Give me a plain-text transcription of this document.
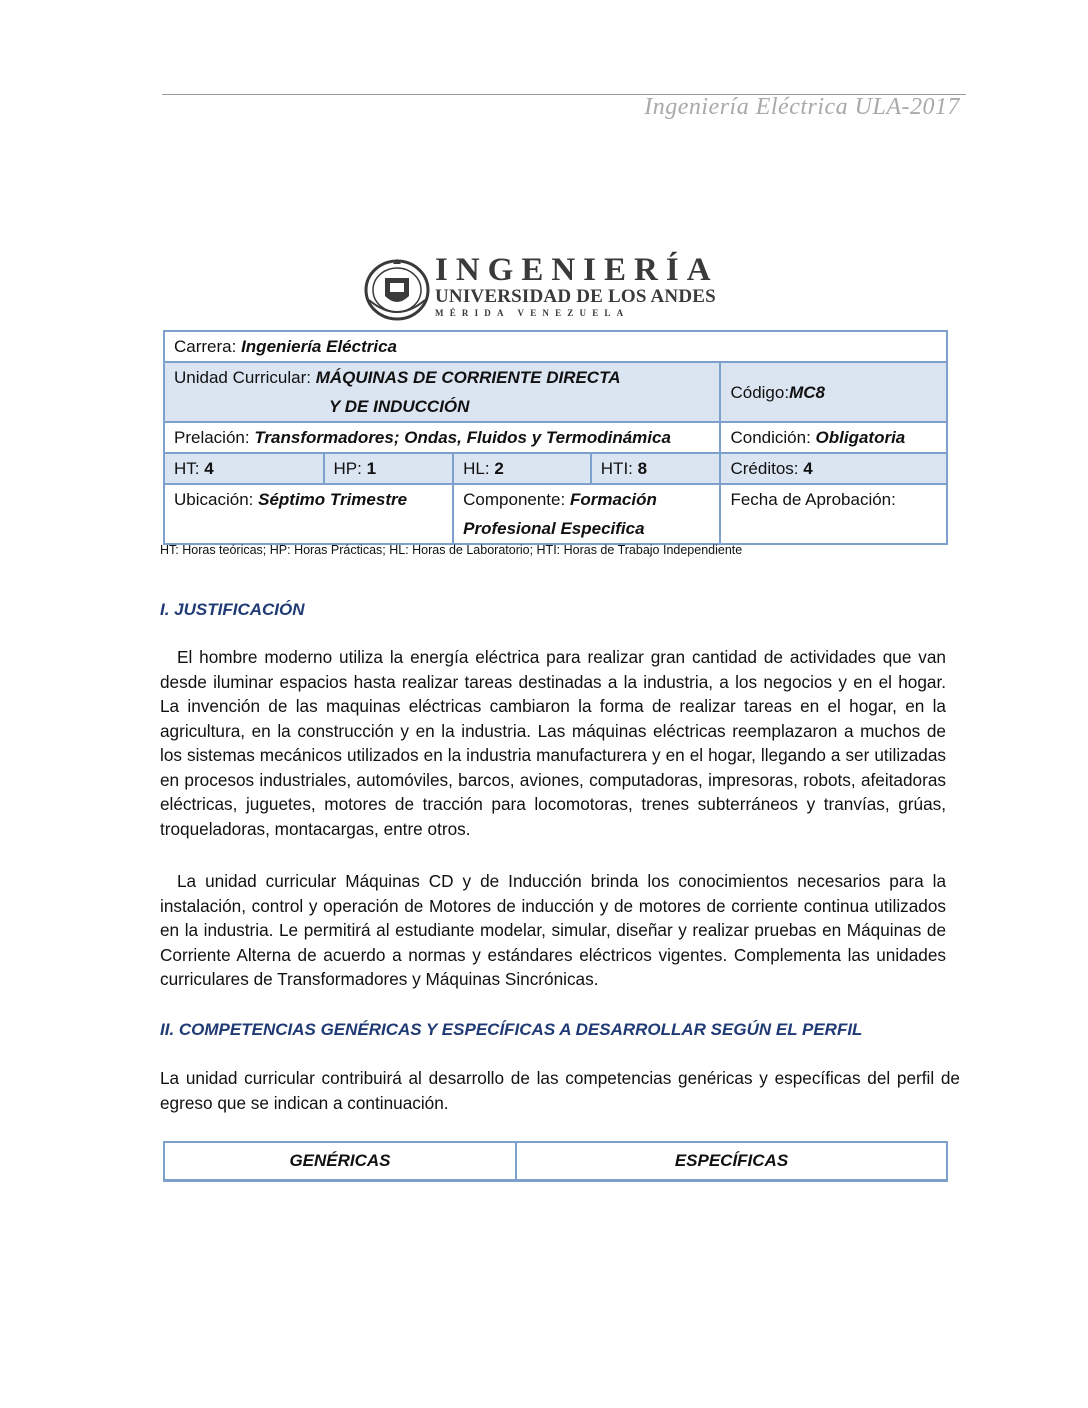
Ingeniería Eléctrica ULA-2017
INGENIERÍA
UNIVERSIDAD DE LOS ANDES
MÉRIDA VENEZUELA
Carrera: Ingeniería Eléctrica				
Unidad Curricular: MÁQUINAS DE CORRIENTE DIRECTA
Y DE INDUCCIÓN				Código:MC8
Prelación: Transformadores; Ondas, Fluidos y Termodinámica				Condición: Obligatoria
HT: 4	HP: 1	HL: 2	HTI: 8	Créditos: 4
Ubicación: Séptimo Trimestre		Componente: Formación
Profesional Especifica		Fecha de Aprobación:
HT: Horas teóricas; HP: Horas Prácticas; HL: Horas de Laboratorio; HTI: Horas de Trabajo Independiente
I. JUSTIFICACIÓN

El hombre moderno utiliza la energía eléctrica para realizar gran cantidad de actividades que van desde iluminar espacios hasta realizar tareas destinadas a la industria, a los negocios y en el hogar. La invención de las maquinas eléctricas cambiaron la forma de realizar tareas en el hogar, en la agricultura, en la construcción y en la industria. Las máquinas eléctricas reemplazaron a muchos de los sistemas mecánicos utilizados en la industria manufacturera y en el hogar, llegando a ser utilizadas en procesos industriales, automóviles, barcos, aviones, computadoras, impresoras, robots, afeitadoras eléctricas, juguetes, motores de tracción para locomotoras, trenes subterráneos y tranvías, grúas, troqueladoras, montacargas, entre otros.

La unidad curricular Máquinas CD y de Inducción brinda los conocimientos necesarios para la instalación, control y operación de Motores de inducción y de motores de corriente continua utilizados en la industria. Le permitirá al estudiante modelar, simular, diseñar y realizar pruebas en Máquinas de Corriente Alterna de acuerdo a normas y estándares eléctricos vigentes. Complementa las unidades curriculares de Transformadores y Máquinas Sincrónicas.

II. COMPETENCIAS GENÉRICAS Y ESPECÍFICAS A DESARROLLAR SEGÚN EL PERFIL

La unidad curricular contribuirá al desarrollo de las competencias genéricas y específicas del perfil de egreso que se indican a continuación.

GENÉRICAS	ESPECÍFICAS
